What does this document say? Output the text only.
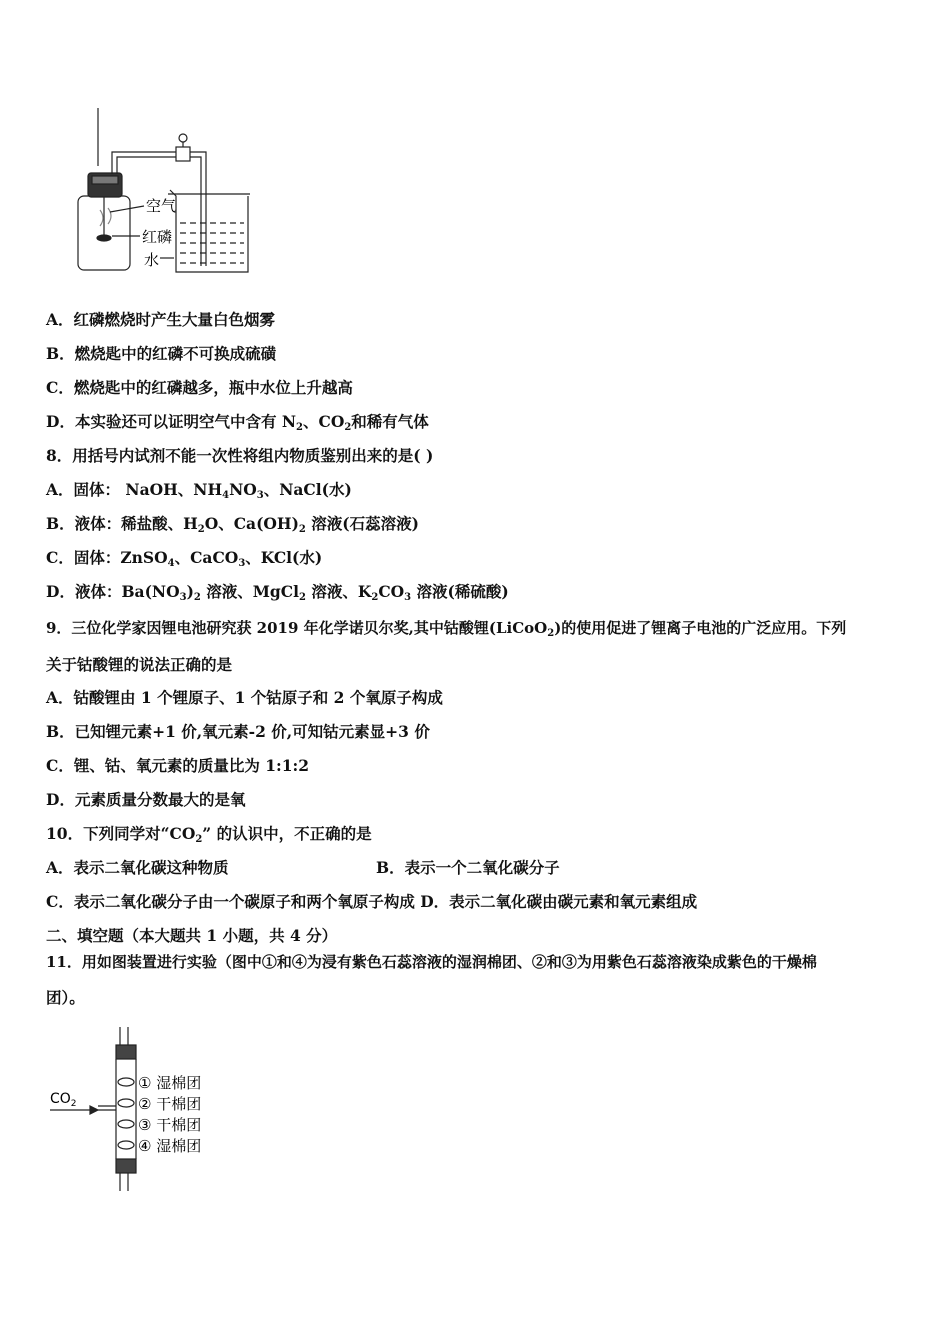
空气
红磷
水
A．红磷燃烧时产生大量白色烟雾
B．燃烧匙中的红磷不可换成硫磺
C．燃烧匙中的红磷越多，瓶中水位上升越高
D．本实验还可以证明空气中含有 $N_2$、$CO_2$和稀有气体
8．用括号内试剂不能一次性将组内物质鉴别出来的是( )
A．固体： NaOH、$NH_4NO_3$、NaCl(水)
B．液体：稀盐酸、$H_2O$、$Ca(OH)_2$ 溶液(石蕊溶液)
C．固体：ZnSO$_4$、CaCO$_3$、KCl(水)
D．液体：$Ba(NO_3)_2$ 溶液、MgCl$_2$ 溶液、$K_2CO_3$ 溶液(稀硫酸)
9．三位化学家因锂电池研究获 2019 年化学诺贝尔奖,其中钴酸锂(LiCoO$_2$)的使用促进了锂离子电池的广泛应用。下列
关于钴酸锂的说法正确的是
A．钴酸锂由 1 个锂原子、1 个钴原子和 2 个氧原子构成
B．已知锂元素+1 价,氧元素-2 价,可知钴元素显+3 价
C．锂、钴、氧元素的质量比为 1:1:2
D．元素质量分数最大的是氧
10．下列同学对“$CO_2$” 的认识中，不正确的是
A．表示二氧化碳这种物质	B．表示一个二氧化碳分子
C．表示二氧化碳分子由一个碳原子和两个氧原子构成 D．表示二氧化碳由碳元素和氧元素组成
二、填空题（本大题共 1 小题，共 4 分）
11．用如图装置进行实验（图中①和④为浸有紫色石蕊溶液的湿润棉团、②和③为用紫色石蕊溶液染成紫色的干燥棉
团）。
$CO_2$
① 湿棉团
② 干棉团
③ 干棉团
④ 湿棉团
